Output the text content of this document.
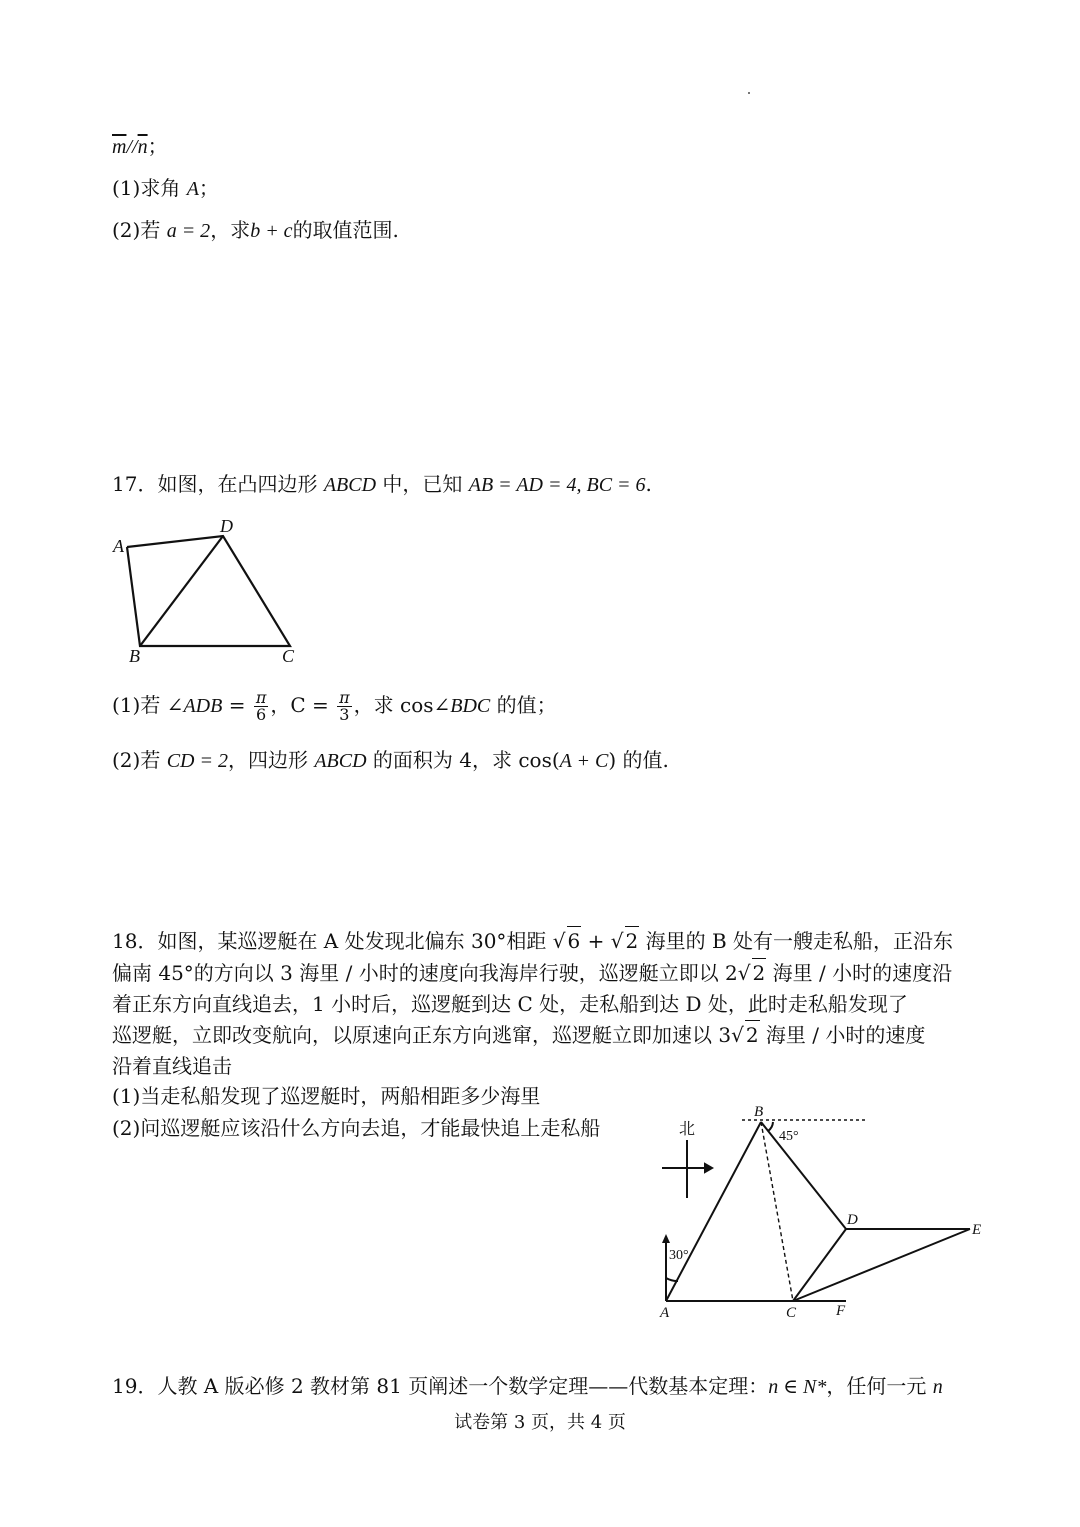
$\overline{m}//\overline{n}$；
(1)求角 A；
(2)若 a = 2，求b + c的取值范围.
17．如图，在凸四边形 ABCD 中，已知 AB = AD = 4, BC = 6.
A
D
B	C
(1)若 ∠ADB = $\frac{\pi}{6}$ ，$C = \frac{\pi}{3}$ ，求 cos∠BDC 的值；
(2)若 CD = 2，四边形 ABCD 的面积为 4，求 cos(A + C) 的值.
18．如图，某巡逻艇在 A 处发现北偏东 30°相距 √ 6 + √ 2 海里的 B 处有一艘走私船，正沿东
偏南 45°的方向以 3 海里 / 小时的速度向我海岸行驶，巡逻艇立即以 2√ 2 海里 / 小时的速度沿
着正东方向直线追去，1 小时后，巡逻艇到达 C 处，走私船到达 D 处，此时走私船发现了
巡逻艇，立即改变航向，以原速向正东方向逃窜，巡逻艇立即加速以 3√ 2 海里 / 小时的速度
沿着直线追击
(1)当走私船发现了巡逻艇时，两船相距多少海里
(2)问巡逻艇应该沿什么方向去追，才能最快追上走私船	北
B
D
E
A	C	F
45°
30°
19．人教 A 版必修 2 教材第 81 页阐述一个数学定理——代数基本定理：n ∈ N*，任何一元 n
试卷第 3 页，共 4 页
